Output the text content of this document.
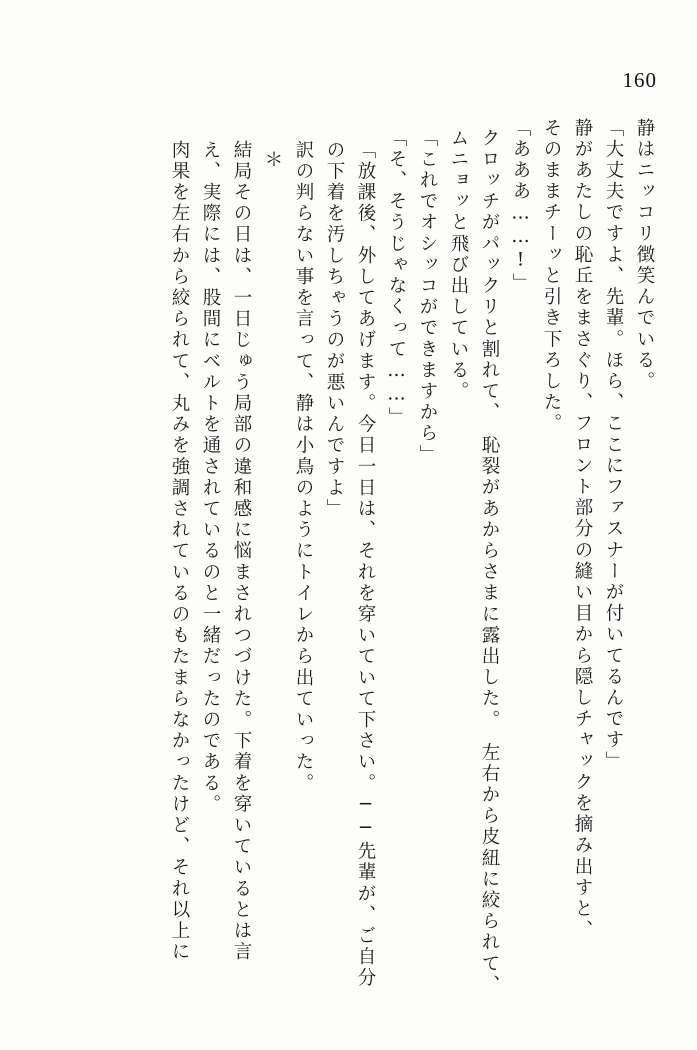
160
静はニッコリ徴笑んでいる。
「大丈夫ですよ、先輩。ほら、ここにファスナーが付いてるんです」
静があたしの恥丘をまさぐり、フロント部分の縫い目から隠しチャックを摘み出すと、
そのままチーッと引き下ろした。
「あああ……!」
クロッチがパックリと割れて、　恥裂があからさまに露出した。　左右から皮紐に絞られて、
ムニョッと飛び出している。
「これでオシッコができますから」
「そ、そうじゃなくって……」
「放課後、外してあげます。今日一日は、それを穿いていて下さい。──先輩が、ご自分
の下着を汚しちゃうのが悪いんですよ」
訳の判らない事を言って、静は小鳥のようにトイレから出ていった。
＊
結局その日は、一日じゅう局部の違和感に悩まされつづけた。下着を穿いているとは言
え、実際には、股間にベルトを通されているのと一緒だったのである。
肉果を左右から絞られて、丸みを強調されているのもたまらなかったけど、それ以上に
